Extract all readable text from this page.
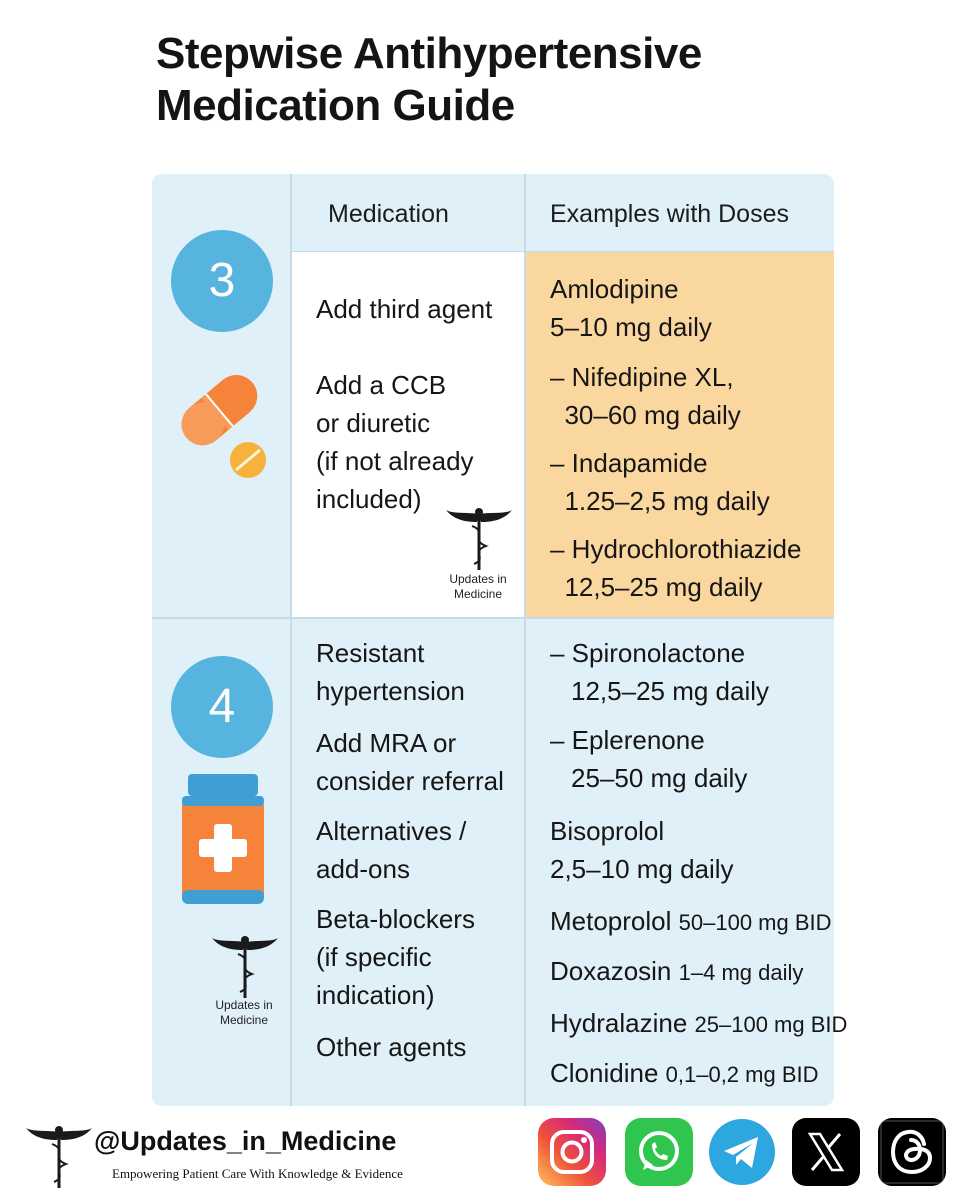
Stepwise Antihypertensive
Medication Guide
Medication	Examples with Doses
3
Add third agent
Add a CCB
or diuretic
(if not already
included)
Updates in
Medicine
Amlodipine
5–10 mg daily
– Nifedipine XL,
30–60 mg daily
– Indapamide
1.25–2,5 mg daily
– Hydrochlorothiazide
12,5–25 mg daily
4
Updates in
Medicine
Resistant
hypertension
Add MRA or
consider referral
Alternatives /
add-ons
Beta-blockers
(if specific
indication)
Other agents
– Spironolactone
12,5–25 mg daily
– Eplerenone
25–50 mg daily
Bisoprolol
2,5–10 mg daily
Metoprolol 50–100 mg BID
Doxazosin 1–4 mg daily
Hydralazine 25–100 mg BID
Clonidine 0,1–0,2 mg BID
@Updates_in_Medicine
Empowering Patient Care With Knowledge & Evidence
